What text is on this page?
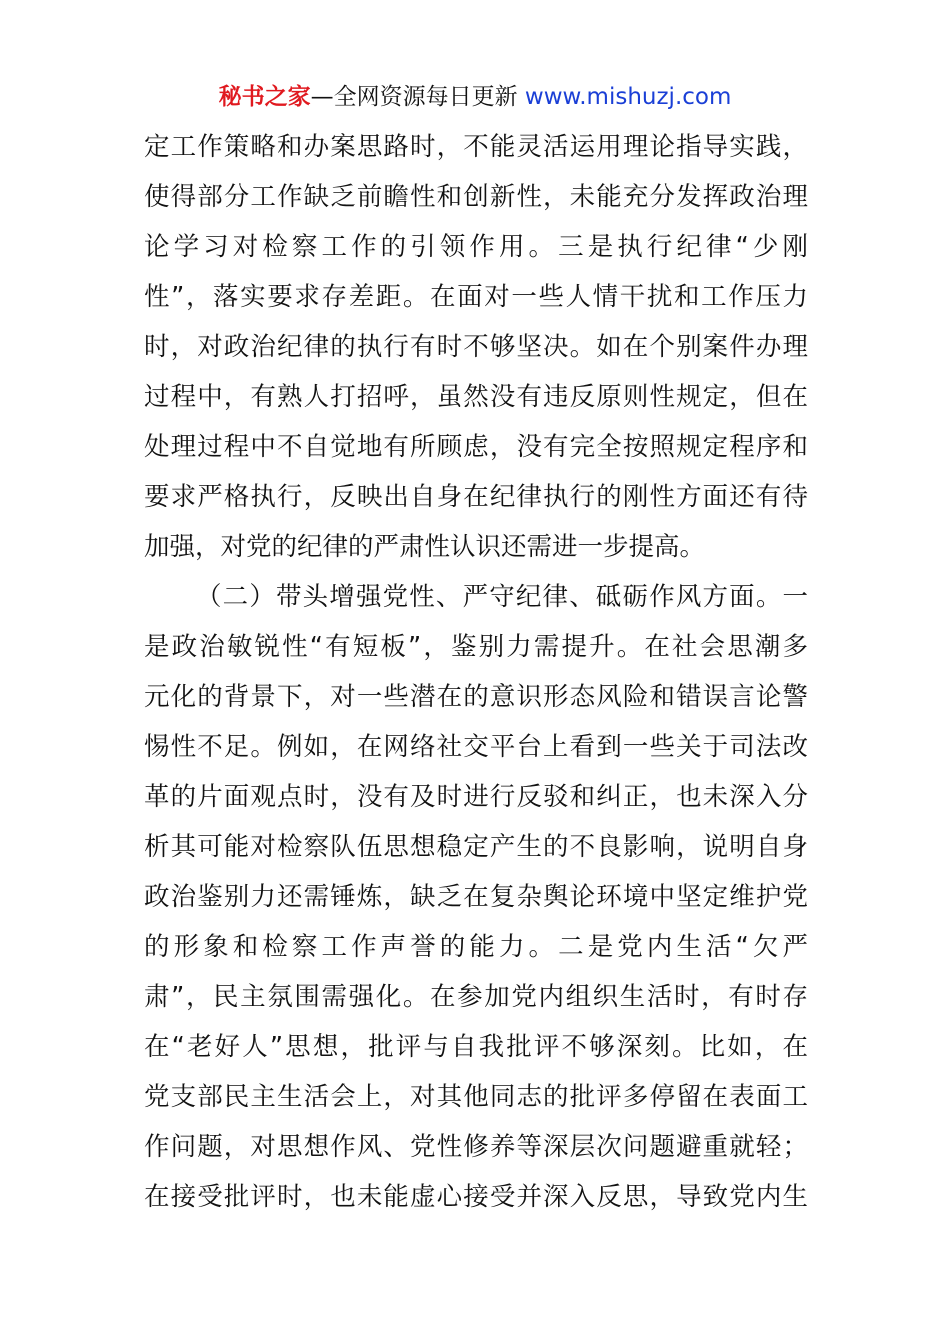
秘书之家—全网资源每日更新 www.mishuzj.com
定工作策略和办案思路时，不能灵活运用理论指导实践，
使得部分工作缺乏前瞻性和创新性，未能充分发挥政治理
论学习对检察工作的引领作用。三是执行纪律“少刚
性”，落实要求存差距。在面对一些人情干扰和工作压力
时，对政治纪律的执行有时不够坚决。如在个别案件办理
过程中，有熟人打招呼，虽然没有违反原则性规定，但在
处理过程中不自觉地有所顾虑，没有完全按照规定程序和
要求严格执行，反映出自身在纪律执行的刚性方面还有待
加强，对党的纪律的严肃性认识还需进一步提高。
（二）带头增强党性、严守纪律、砥砺作风方面。一
是政治敏锐性“有短板”，鉴别力需提升。在社会思潮多
元化的背景下，对一些潜在的意识形态风险和错误言论警
惕性不足。例如，在网络社交平台上看到一些关于司法改
革的片面观点时，没有及时进行反驳和纠正，也未深入分
析其可能对检察队伍思想稳定产生的不良影响，说明自身
政治鉴别力还需锤炼，缺乏在复杂舆论环境中坚定维护党
的形象和检察工作声誉的能力。二是党内生活“欠严
肃”，民主氛围需强化。在参加党内组织生活时，有时存
在“老好人”思想，批评与自我批评不够深刻。比如，在
党支部民主生活会上，对其他同志的批评多停留在表面工
作问题，对思想作风、党性修养等深层次问题避重就轻；
在接受批评时，也未能虚心接受并深入反思，导致党内生
